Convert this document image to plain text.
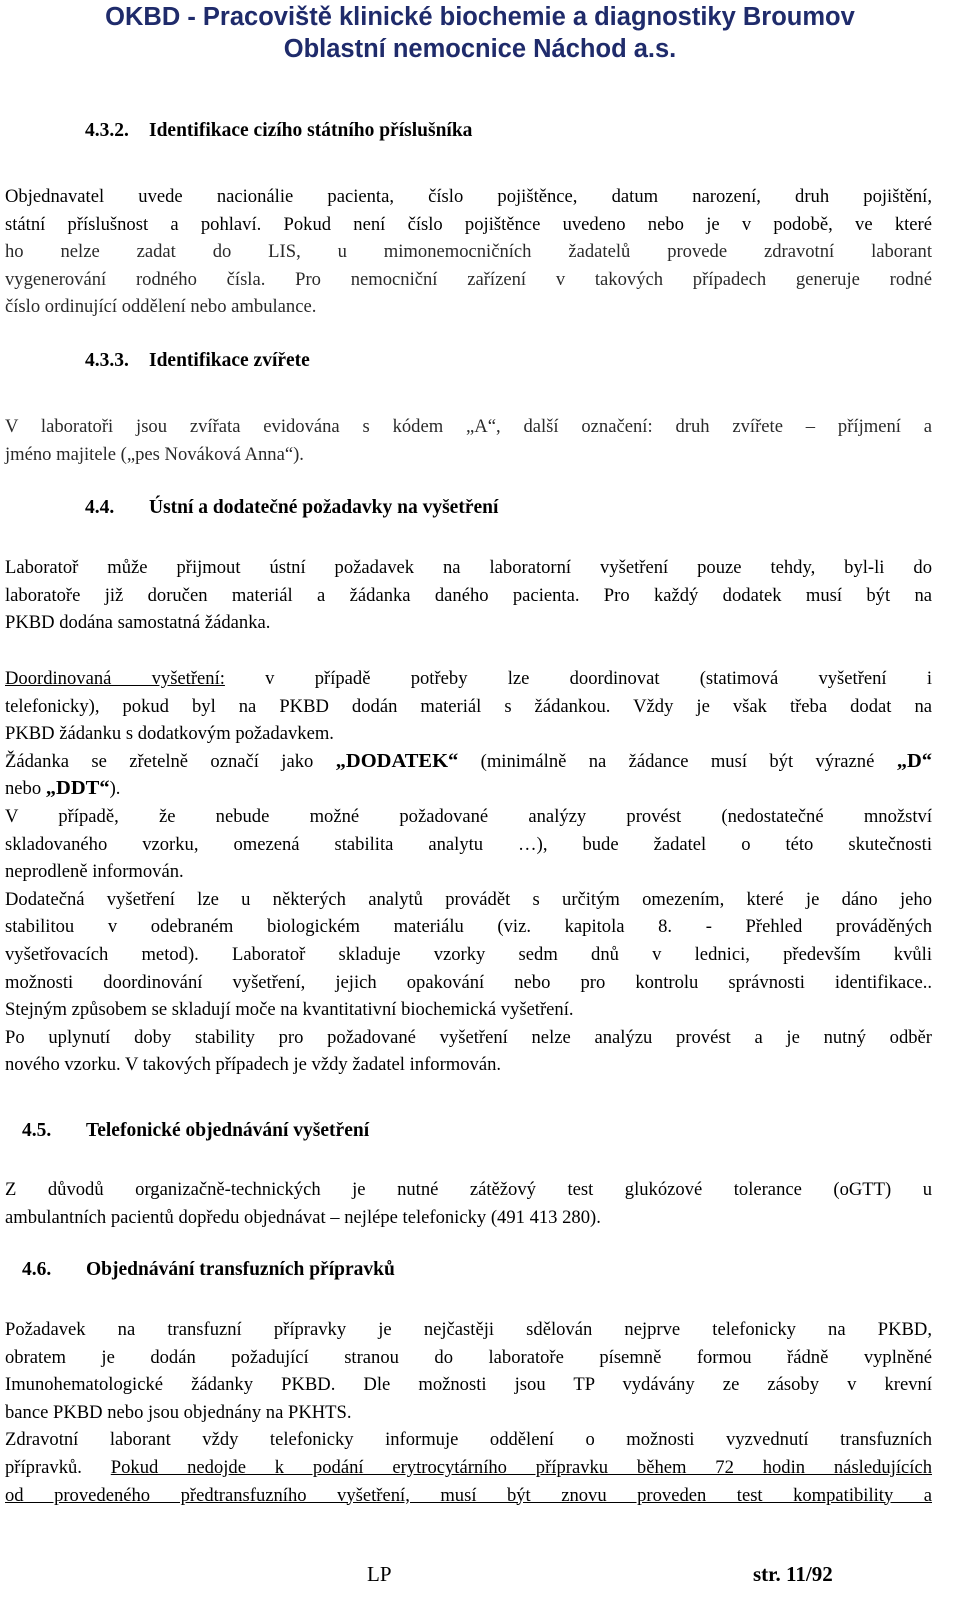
OKBD - Pracoviště klinické biochemie a diagnostiky Broumov
Oblastní nemocnice Náchod a.s.
4.3.2. Identifikace cizího státního příslušníka
Objednavatel uvede nacionálie pacienta, číslo pojištěnce, datum narození, druh pojištění,
státní příslušnost a pohlaví. Pokud není číslo pojištěnce uvedeno nebo je v podobě, ve které
ho nelze zadat do LIS, u mimonemocničních žadatelů provede zdravotní laborant
vygenerování rodného čísla. Pro nemocniční zařízení v takových případech generuje rodné
číslo ordinující oddělení nebo ambulance.
4.3.3. Identifikace zvířete
V laboratoři jsou zvířata evidována s kódem „A“, další označení: druh zvířete – příjmení a
jméno majitele („pes Nováková Anna“).
4.4. Ústní a dodatečné požadavky na vyšetření
Laboratoř může přijmout ústní požadavek na laboratorní vyšetření pouze tehdy, byl-li do
laboratoře již doručen materiál a žádanka daného pacienta. Pro každý dodatek musí být na
PKBD dodána samostatná žádanka.
Doordinovaná vyšetření: v případě potřeby lze doordinovat (statimová vyšetření i
telefonicky), pokud byl na PKBD dodán materiál s žádankou. Vždy je však třeba dodat na
PKBD žádanku s dodatkovým požadavkem.
Žádanka se zřetelně označí jako „DODATEK“ (minimálně na žádance musí být výrazné „D“
nebo „DDT“).
V případě, že nebude možné požadované analýzy provést (nedostatečné množství
skladovaného vzorku, omezená stabilita analytu …), bude žadatel o této skutečnosti
neprodleně informován.
Dodatečná vyšetření lze u některých analytů provádět s určitým omezením, které je dáno jeho
stabilitou v odebraném biologickém materiálu (viz. kapitola 8. - Přehled prováděných
vyšetřovacích metod). Laboratoř skladuje vzorky sedm dnů v lednici, především kvůli
možnosti doordinování vyšetření, jejich opakování nebo pro kontrolu správnosti identifikace..
Stejným způsobem se skladují moče na kvantitativní biochemická vyšetření.
Po uplynutí doby stability pro požadované vyšetření nelze analýzu provést a je nutný odběr
nového vzorku. V takových případech je vždy žadatel informován.
4.5. Telefonické objednávání vyšetření
Z důvodů organizačně-technických je nutné zátěžový test glukózové tolerance (oGTT) u
ambulantních pacientů dopředu objednávat – nejlépe telefonicky (491 413 280).
4.6. Objednávání transfuzních přípravků
Požadavek na transfuzní přípravky je nejčastěji sdělován nejprve telefonicky na PKBD,
obratem je dodán požadující stranou do laboratoře písemně formou řádně vyplněné
Imunohematologické žádanky PKBD. Dle možnosti jsou TP vydávány ze zásoby v krevní
bance PKBD nebo jsou objednány na PKHTS.
Zdravotní laborant vždy telefonicky informuje oddělení o možnosti vyzvednutí transfuzních
přípravků. Pokud nedojde k podání erytrocytárního přípravku během 72 hodin následujících
od provedeného předtransfuzního vyšetření, musí být znovu proveden test kompatibility a
LP	str. 11/92
